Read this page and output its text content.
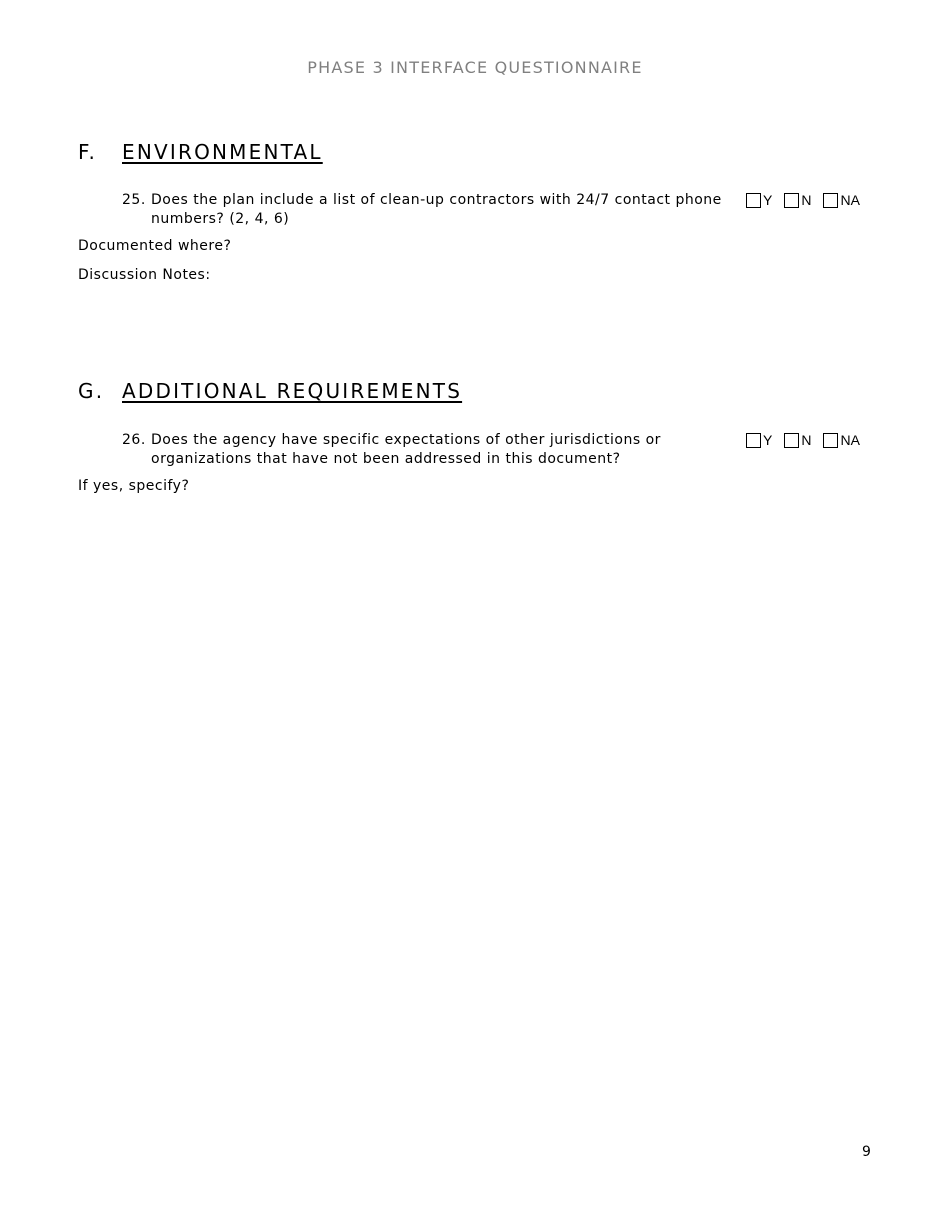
PHASE 3 INTERFACE QUESTIONNAIRE
F. ENVIRONMENTAL
25. Does the plan include a list of clean-up contractors with 24/7 contact phone numbers? (2, 4, 6)
Y N NA
Documented where?
Discussion Notes:
G. ADDITIONAL REQUIREMENTS
26. Does the agency have specific expectations of other jurisdictions or organizations that have not been addressed in this document?
Y N NA
If yes, specify?
9
